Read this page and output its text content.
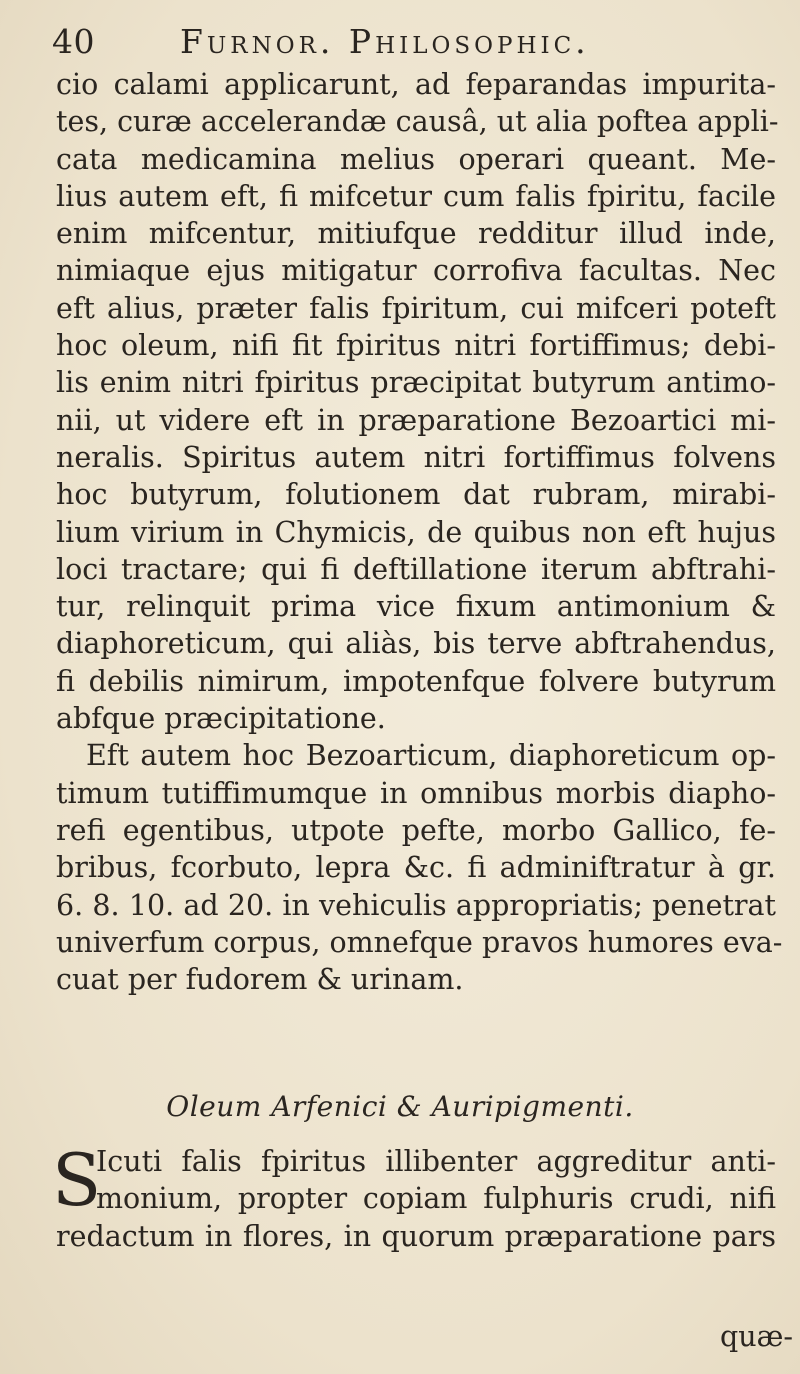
40	Furnor. Philosophic.
cio calami applicarunt, ad feparandas impurita-
tes, curæ accelerandæ causâ, ut alia poftea appli-
cata medicamina melius operari queant. Me-
lius autem eft, fi mifcetur cum falis fpiritu, facile
enim mifcentur, mitiufque redditur illud inde,
nimiaque ejus mitigatur corrofiva facultas. Nec
eft alius, præter falis fpiritum, cui mifceri poteft
hoc oleum, nifi fit fpiritus nitri fortiffimus; debi-
lis enim nitri fpiritus præcipitat butyrum antimo-
nii, ut videre eft in præparatione Bezoartici mi-
neralis. Spiritus autem nitri fortiffimus folvens
hoc butyrum, folutionem dat rubram, mirabi-
lium virium in Chymicis, de quibus non eft hujus
loci tractare; qui fi deftillatione iterum abftrahi-
tur, relinquit prima vice fixum antimonium &
diaphoreticum, qui aliàs, bis terve abftrahendus,
fi debilis nimirum, impotenfque folvere butyrum
abfque præcipitatione.
Eft autem hoc Bezoarticum, diaphoreticum op-
timum tutiffimumque in omnibus morbis diapho-
refi egentibus, utpote pefte, morbo Gallico, fe-
bribus, fcorbuto, lepra &c. fi adminiftratur à gr.
6. 8. 10. ad 20. in vehiculis appropriatis; penetrat
univerfum corpus, omnefque pravos humores eva-
cuat per fudorem & urinam.
Oleum Arfenici & Auripigmenti.
S
Icuti falis fpiritus illibenter aggreditur anti-
monium, propter copiam fulphuris crudi, nifi
redactum in flores, in quorum præparatione pars
quæ-
